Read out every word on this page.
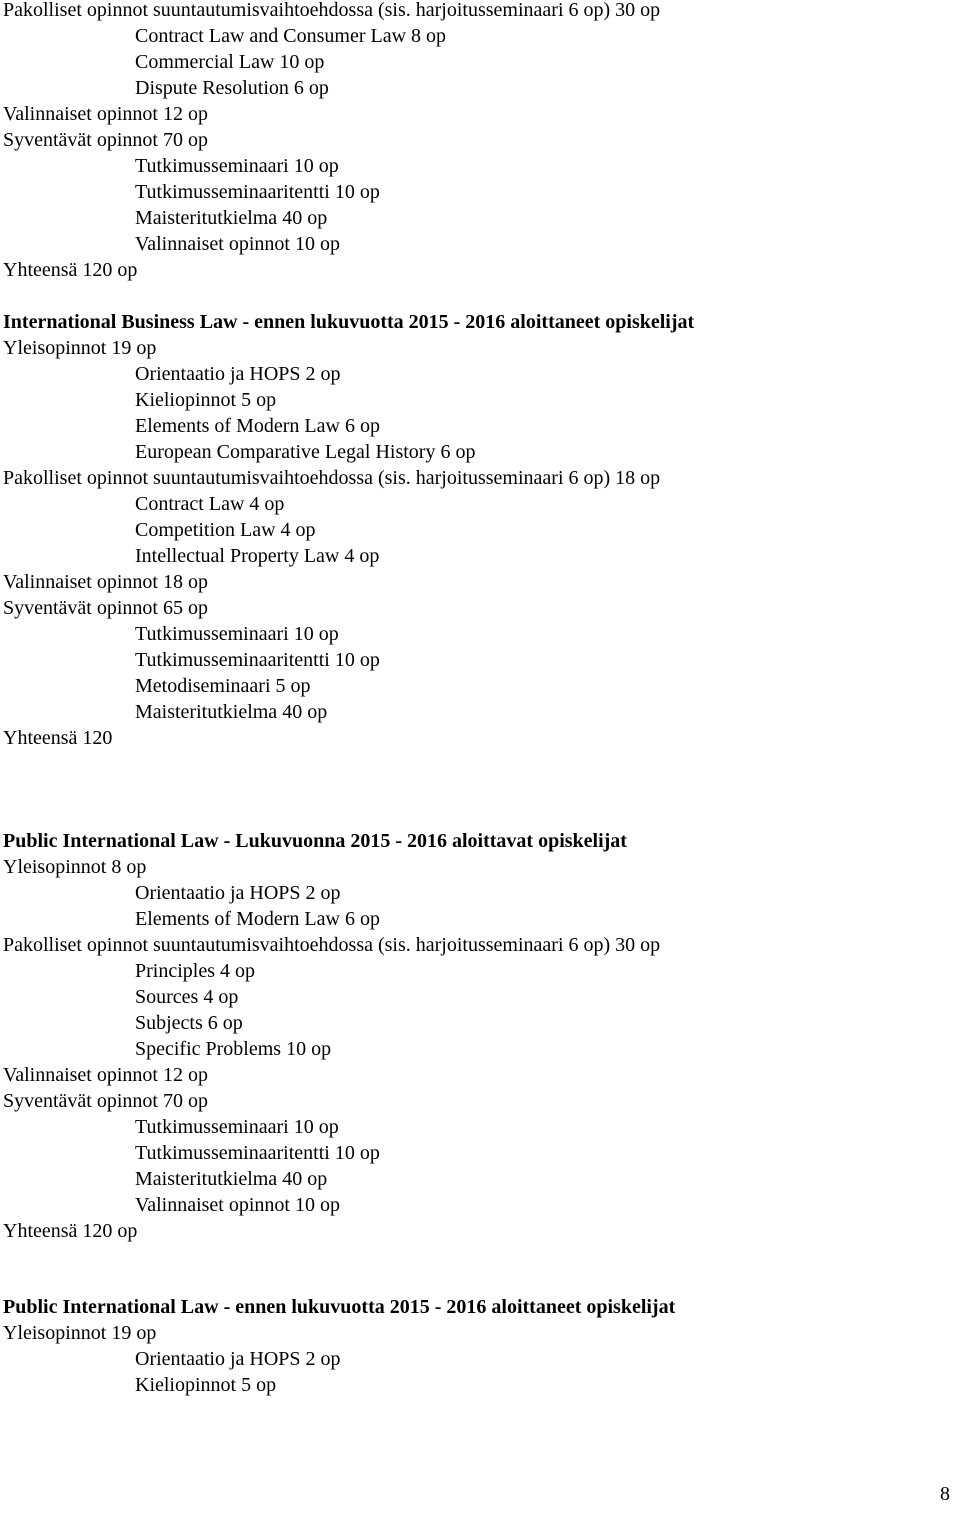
Pakolliset opinnot suuntautumisvaihtoehdossa (sis. harjoitusseminaari 6 op) 30 op
Contract Law and Consumer Law 8 op
Commercial Law 10 op
Dispute Resolution 6 op
Valinnaiset opinnot 12 op
Syventävät opinnot 70 op
Tutkimusseminaari 10 op
Tutkimusseminaaritentti 10 op
Maisteritutkielma 40 op
Valinnaiset opinnot 10 op
Yhteensä 120 op
International Business Law - ennen lukuvuotta 2015 - 2016 aloittaneet opiskelijat
Yleisopinnot 19 op
Orientaatio ja HOPS 2 op
Kieliopinnot 5 op
Elements of Modern Law 6 op
European Comparative Legal History 6 op
Pakolliset opinnot suuntautumisvaihtoehdossa (sis. harjoitusseminaari 6 op) 18 op
Contract Law 4 op
Competition Law 4 op
Intellectual Property Law 4 op
Valinnaiset opinnot 18 op
Syventävät opinnot 65 op
Tutkimusseminaari 10 op
Tutkimusseminaaritentti 10 op
Metodiseminaari 5 op
Maisteritutkielma 40 op
Yhteensä 120
Public International Law - Lukuvuonna 2015 - 2016 aloittavat opiskelijat
Yleisopinnot 8 op
Orientaatio ja HOPS 2 op
Elements of Modern Law 6 op
Pakolliset opinnot suuntautumisvaihtoehdossa (sis. harjoitusseminaari 6 op) 30 op
Principles 4 op
Sources 4 op
Subjects 6 op
Specific Problems 10 op
Valinnaiset opinnot 12 op
Syventävät opinnot 70 op
Tutkimusseminaari 10 op
Tutkimusseminaaritentti 10 op
Maisteritutkielma 40 op
Valinnaiset opinnot 10 op
Yhteensä 120 op
Public International Law - ennen lukuvuotta 2015 - 2016 aloittaneet opiskelijat
Yleisopinnot 19 op
Orientaatio ja HOPS 2 op
Kieliopinnot 5 op
8
